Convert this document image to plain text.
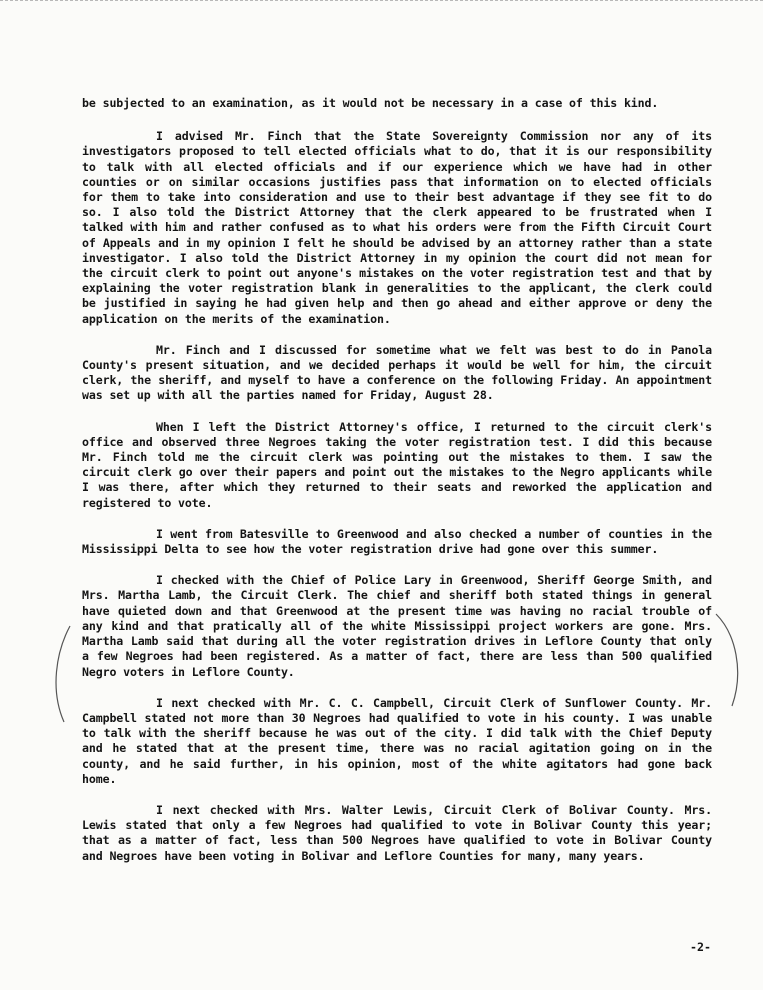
be subjected to an examination, as it would not be necessary in a case of this kind.

I advised Mr. Finch that the State Sovereignty Commission nor any of its investigators proposed to tell elected officials what to do, that it is our responsibility to talk with all elected officials and if our experience which we have had in other counties or on similar occasions justifies pass that information on to elected officials for them to take into consideration and use to their best advantage if they see fit to do so. I also told the District Attorney that the clerk appeared to be frustrated when I talked with him and rather confused as to what his orders were from the Fifth Circuit Court of Appeals and in my opinion I felt he should be advised by an attorney rather than a state investigator. I also told the District Attorney in my opinion the court did not mean for the circuit clerk to point out anyone's mistakes on the voter registration test and that by explaining the voter registration blank in generalities to the applicant, the clerk could be justified in saying he had given help and then go ahead and either approve or deny the application on the merits of the examination.

Mr. Finch and I discussed for sometime what we felt was best to do in Panola County's present situation, and we decided perhaps it would be well for him, the circuit clerk, the sheriff, and myself to have a conference on the following Friday. An appointment was set up with all the parties named for Friday, August 28.

When I left the District Attorney's office, I returned to the circuit clerk's office and observed three Negroes taking the voter registration test. I did this because Mr. Finch told me the circuit clerk was pointing out the mistakes to them. I saw the circuit clerk go over their papers and point out the mistakes to the Negro applicants while I was there, after which they returned to their seats and reworked the application and registered to vote.

I went from Batesville to Greenwood and also checked a number of counties in the Mississippi Delta to see how the voter registration drive had gone over this summer.

I checked with the Chief of Police Lary in Greenwood, Sheriff George Smith, and Mrs. Martha Lamb, the Circuit Clerk. The chief and sheriff both stated things in general have quieted down and that Greenwood at the present time was having no racial trouble of any kind and that pratically all of the white Mississippi project workers are gone. Mrs. Martha Lamb said that during all the voter registration drives in Leflore County that only a few Negroes had been registered. As a matter of fact, there are less than 500 qualified Negro voters in Leflore County.

I next checked with Mr. C. C. Campbell, Circuit Clerk of Sunflower County. Mr. Campbell stated not more than 30 Negroes had qualified to vote in his county. I was unable to talk with the sheriff because he was out of the city. I did talk with the Chief Deputy and he stated that at the present time, there was no racial agitation going on in the county, and he said further, in his opinion, most of the white agitators had gone back home.

I next checked with Mrs. Walter Lewis, Circuit Clerk of Bolivar County. Mrs. Lewis stated that only a few Negroes had qualified to vote in Bolivar County this year; that as a matter of fact, less than 500 Negroes have qualified to vote in Bolivar County and Negroes have been voting in Bolivar and Leflore Counties for many, many years.

-2-
